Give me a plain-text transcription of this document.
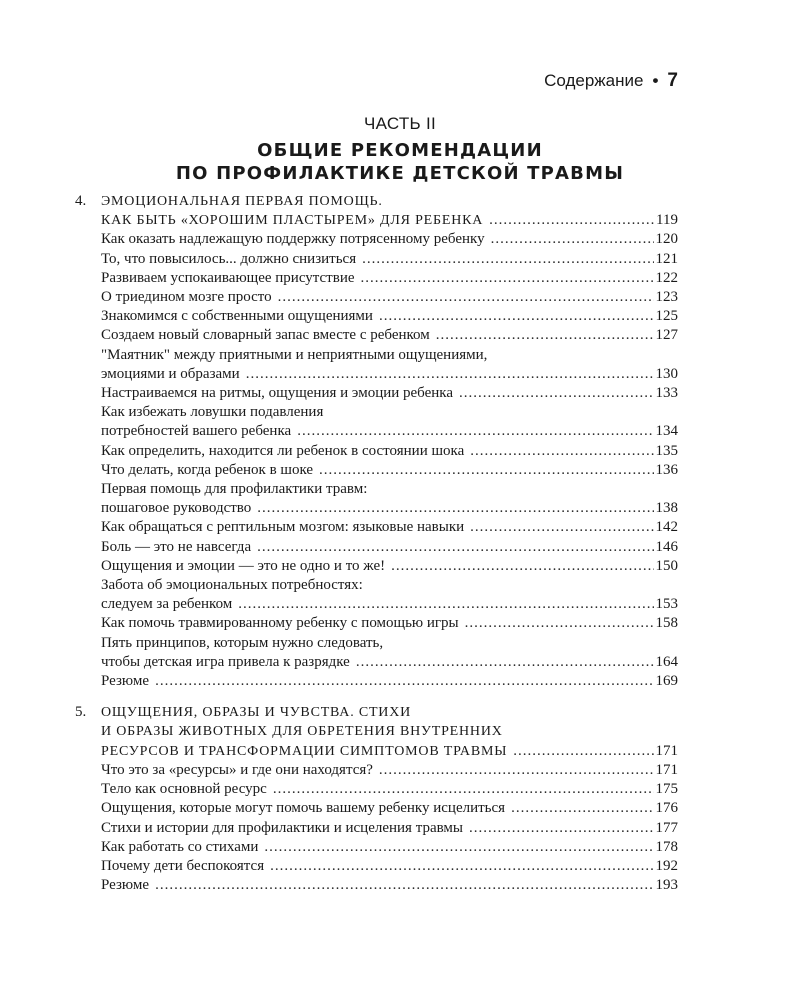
Содержание • 7
ЧАСТЬ II
ОБЩИЕ РЕКОМЕНДАЦИИ
ПО ПРОФИЛАКТИКЕ ДЕТСКОЙ ТРАВМЫ
4. ЭМОЦИОНАЛЬНАЯ ПЕРВАЯ ПОМОЩЬ.
КАК БЫТЬ «ХОРОШИМ ПЛАСТЫРЕМ» ДЛЯ РЕБЕНКА .....	119
Как оказать надлежащую поддержку потрясенному ребенку .....	120
То, что повысилось... должно снизиться .....	121
Развиваем успокаивающее присутствие .....	122
О триедином мозге просто .....	123
Знакомимся с собственными ощущениями .....	125
Создаем новый словарный запас вместе с ребенком .....	127
"Маятник" между приятными и неприятными ощущениями,
эмоциями и образами .....	130
Настраиваемся на ритмы, ощущения и эмоции ребенка .....	133
Как избежать ловушки подавления
потребностей вашего ребенка .....	134
Как определить, находится ли ребенок в состоянии шока .....	135
Что делать, когда ребенок в шоке .....	136
Первая помощь для профилактики травм:
пошаговое руководство .....	138
Как обращаться с рептильным мозгом: языковые навыки .....	142
Боль — это не навсегда .....	146
Ощущения и эмоции — это не одно и то же! .....	150
Забота об эмоциональных потребностях:
следуем за ребенком .....	153
Как помочь травмированному ребенку с помощью игры .....	158
Пять принципов, которым нужно следовать,
чтобы детская игра привела к разрядке .....	164
Резюме .....	169
5. ОЩУЩЕНИЯ, ОБРАЗЫ И ЧУВСТВА. СТИХИ
И ОБРАЗЫ ЖИВОТНЫХ ДЛЯ ОБРЕТЕНИЯ ВНУТРЕННИХ
РЕСУРСОВ И ТРАНСФОРМАЦИИ СИМПТОМОВ ТРАВМЫ .....	171
Что это за «ресурсы» и где они находятся? .....	171
Тело как основной ресурс .....	175
Ощущения, которые могут помочь вашему ребенку исцелиться .....	176
Стихи и истории для профилактики и исцеления травмы .....	177
Как работать со стихами .....	178
Почему дети беспокоятся .....	192
Резюме .....	193
